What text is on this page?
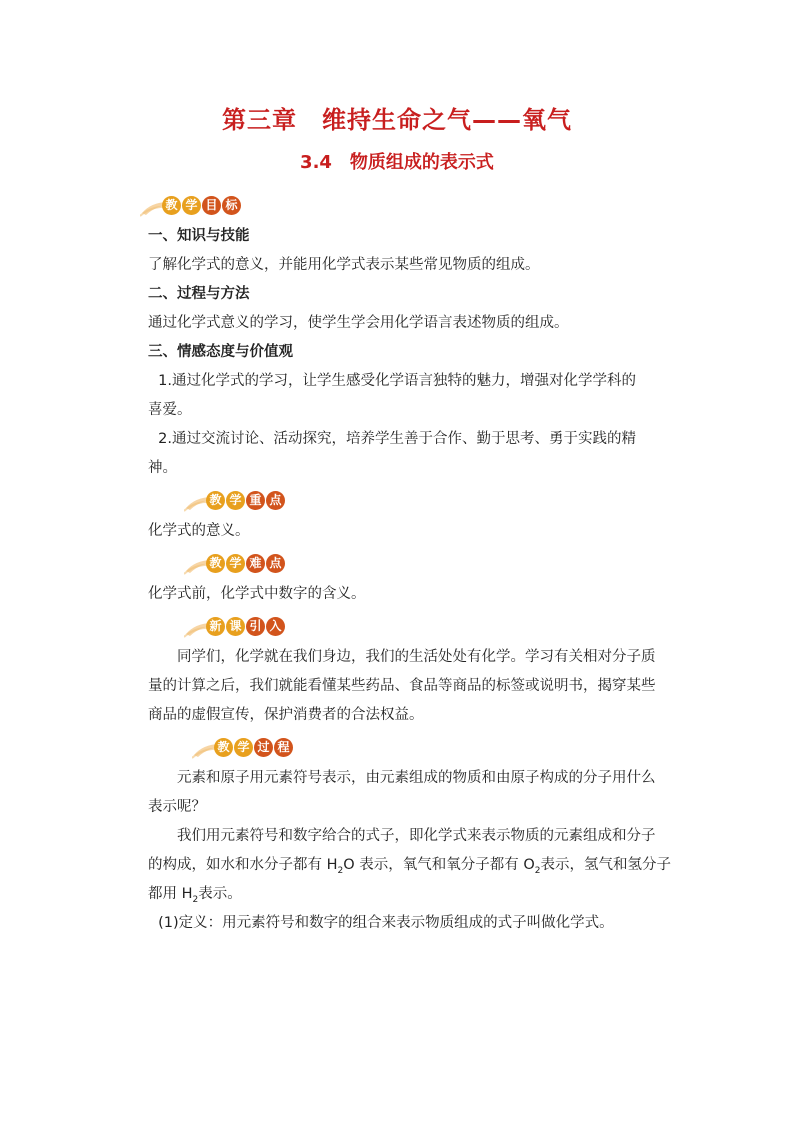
第三章　维持生命之气——氧气
3.4　物质组成的表示式
教 学 目 标

一、知识与技能

了解化学式的意义，并能用化学式表示某些常见物质的组成。

二、过程与方法

通过化学式意义的学习，使学生学会用化学语言表述物质的组成。

三、情感态度与价值观

1.通过化学式的学习，让学生感受化学语言独特的魅力，增强对化学学科的

喜爱。

2.通过交流讨论、活动探究，培养学生善于合作、勤于思考、勇于实践的精

神。

教 学 重 点

化学式的意义。

教 学 难 点

化学式前，化学式中数字的含义。

新 课 引 入

同学们，化学就在我们身边，我们的生活处处有化学。学习有关相对分子质

量的计算之后，我们就能看懂某些药品、食品等商品的标签或说明书，揭穿某些

商品的虚假宣传，保护消费者的合法权益。

教 学 过 程

元素和原子用元素符号表示，由元素组成的物质和由原子构成的分子用什么

表示呢？

我们用元素符号和数字给合的式子，即化学式来表示物质的元素组成和分子

的构成，如水和水分子都有 $H_2O$ 表示，氧气和氧分子都有 $O_2$表示，氢气和氢分子

都用 $H_2$表示。

(1)定义：用元素符号和数字的组合来表示物质组成的式子叫做化学式。
